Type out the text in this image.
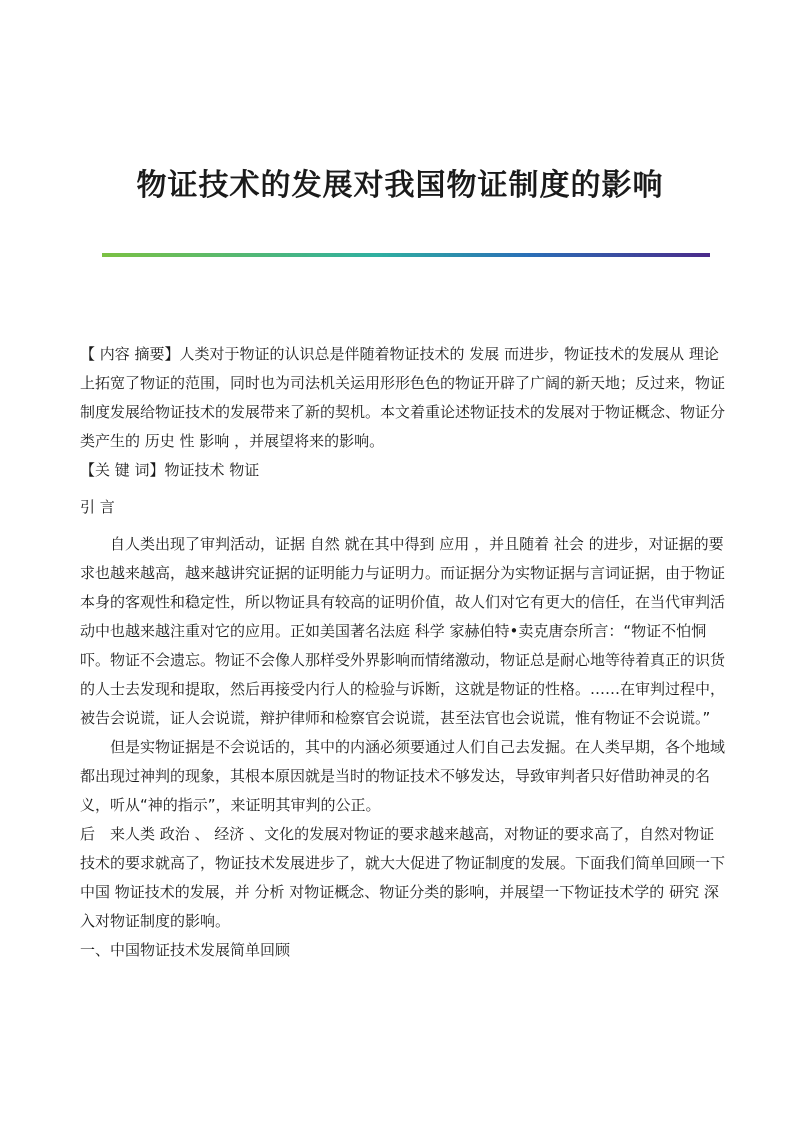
物证技术的发展对我国物证制度的影响

【 内容 摘要】人类对于物证的认识总是伴随着物证技术的 发展 而进步，物证技术的发展从 理论 上拓宽了物证的范围，同时也为司法机关运用形形色色的物证开辟了广阔的新天地；反过来，物证制度发展给物证技术的发展带来了新的契机。本文着重论述物证技术的发展对于物证概念、物证分类产生的 历史 性 影响 ，并展望将来的影响。

【关 键 词】物证技术 物证

引 言

自人类出现了审判活动，证据 自然 就在其中得到 应用 ，并且随着 社会 的进步，对证据的要求也越来越高，越来越讲究证据的证明能力与证明力。而证据分为实物证据与言词证据，由于物证本身的客观性和稳定性，所以物证具有较高的证明价值，故人们对它有更大的信任，在当代审判活动中也越来越注重对它的应用。正如美国著名法庭 科学 家赫伯特•卖克唐奈所言：“物证不怕恫吓。物证不会遗忘。物证不会像人那样受外界影响而情绪激动，物证总是耐心地等待着真正的识货的人士去发现和提取，然后再接受内行人的检验与诉断，这就是物证的性格。……在审判过程中，被告会说谎，证人会说谎，辩护律师和检察官会说谎，甚至法官也会说谎，惟有物证不会说谎。”

但是实物证据是不会说话的，其中的内涵必须要通过人们自己去发掘。在人类早期，各个地域都出现过神判的现象，其根本原因就是当时的物证技术不够发达，导致审判者只好借助神灵的名义，听从“神的指示”，来证明其审判的公正。

后　来人类 政治 、 经济 、文化的发展对物证的要求越来越高，对物证的要求高了，自然对物证技术的要求就高了，物证技术发展进步了，就大大促进了物证制度的发展。下面我们简单回顾一下 中国 物证技术的发展，并 分析 对物证概念、物证分类的影响，并展望一下物证技术学的 研究 深入对物证制度的影响。

一、中国物证技术发展简单回顾
